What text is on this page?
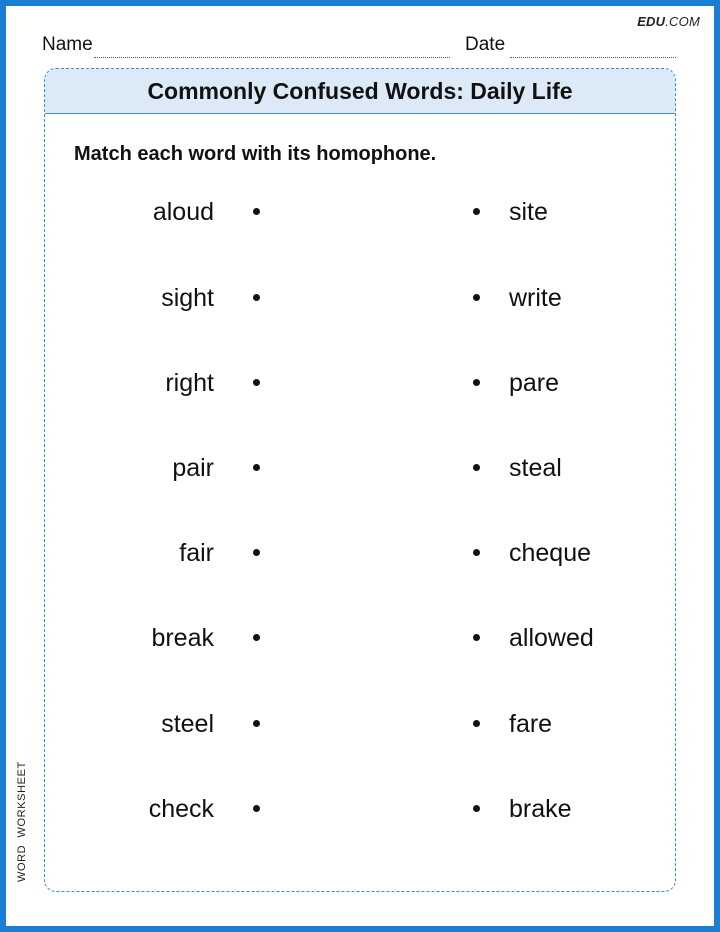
EDU.COM
Name	Date
Commonly Confused Words: Daily Life
Match each word with its homophone.
aloud	site
sight	write
right	pare
pair	steal
fair	cheque
break	allowed
steel	fare
check	brake
WORD  WORKSHEET
